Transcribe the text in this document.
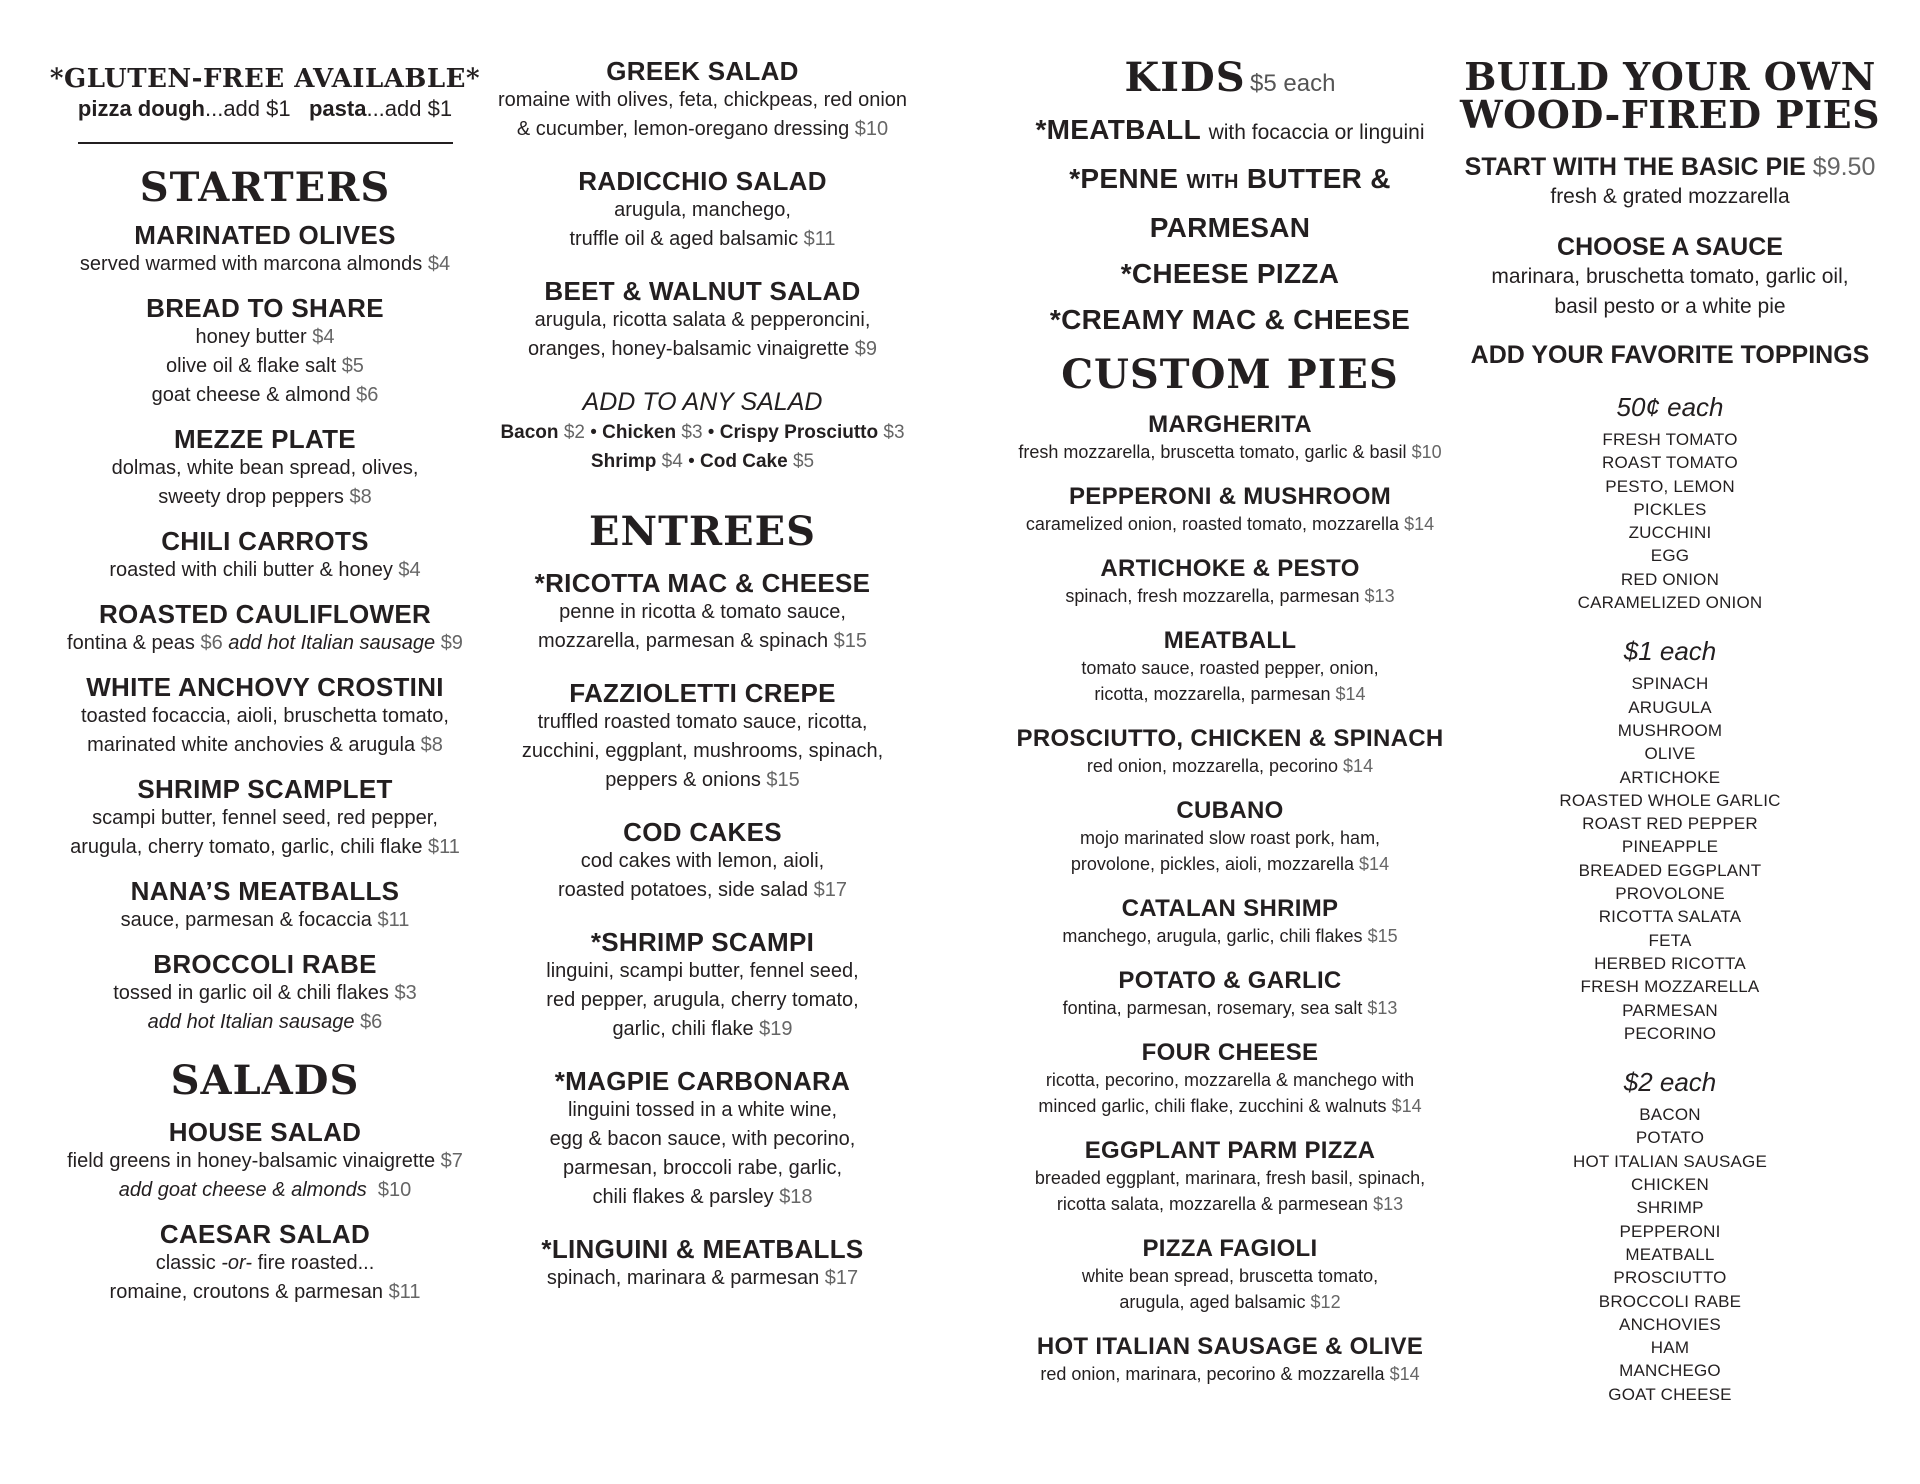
*GLUTEN-FREE AVAILABLE*
pizza dough...add $1 pasta...add $1
STARTERS
MARINATED OLIVES
served warmed with marcona almonds $4
BREAD TO SHARE
honey butter $4
olive oil & flake salt $5
goat cheese & almond $6
MEZZE PLATE
dolmas, white bean spread, olives,
sweety drop peppers $8
CHILI CARROTS
roasted with chili butter & honey $4
ROASTED CAULIFLOWER
fontina & peas $6 add hot Italian sausage $9
WHITE ANCHOVY CROSTINI
toasted focaccia, aioli, bruschetta tomato,
marinated white anchovies & arugula $8
SHRIMP SCAMPLET
scampi butter, fennel seed, red pepper,
arugula, cherry tomato, garlic, chili flake $11
NANA’S MEATBALLS
sauce, parmesan & focaccia $11
BROCCOLI RABE
tossed in garlic oil & chili flakes $3
add hot Italian sausage $6
SALADS
HOUSE SALAD
field greens in honey-balsamic vinaigrette $7
add goat cheese & almonds $10
CAESAR SALAD
classic -or- fire roasted...
romaine, croutons & parmesan $11
GREEK SALAD
romaine with olives, feta, chickpeas, red onion
& cucumber, lemon-oregano dressing $10
RADICCHIO SALAD
arugula, manchego,
truffle oil & aged balsamic $11
BEET & WALNUT SALAD
arugula, ricotta salata & pepperoncini,
oranges, honey-balsamic vinaigrette $9
ADD TO ANY SALAD
Bacon $2 • Chicken $3 • Crispy Prosciutto $3
Shrimp $4 • Cod Cake $5
ENTREES
*RICOTTA MAC & CHEESE
penne in ricotta & tomato sauce,
mozzarella, parmesan & spinach $15
FAZZIOLETTI CREPE
truffled roasted tomato sauce, ricotta,
zucchini, eggplant, mushrooms, spinach,
peppers & onions $15
COD CAKES
cod cakes with lemon, aioli,
roasted potatoes, side salad $17
*SHRIMP SCAMPI
linguini, scampi butter, fennel seed,
red pepper, arugula, cherry tomato,
garlic, chili flake $19
*MAGPIE CARBONARA
linguini tossed in a white wine,
egg & bacon sauce, with pecorino,
parmesan, broccoli rabe, garlic,
chili flakes & parsley $18
*LINGUINI & MEATBALLS
spinach, marinara & parmesan $17
KIDS $5 each
*MEATBALL with focaccia or linguini
*PENNE WITH BUTTER & PARMESAN
*CHEESE PIZZA
*CREAMY MAC & CHEESE
CUSTOM PIES
MARGHERITA
fresh mozzarella, bruscetta tomato, garlic & basil $10
PEPPERONI & MUSHROOM
caramelized onion, roasted tomato, mozzarella $14
ARTICHOKE & PESTO
spinach, fresh mozzarella, parmesan $13
MEATBALL
tomato sauce, roasted pepper, onion,
ricotta, mozzarella, parmesan $14
PROSCIUTTO, CHICKEN & SPINACH
red onion, mozzarella, pecorino $14
CUBANO
mojo marinated slow roast pork, ham,
provolone, pickles, aioli, mozzarella $14
CATALAN SHRIMP
manchego, arugula, garlic, chili flakes $15
POTATO & GARLIC
fontina, parmesan, rosemary, sea salt $13
FOUR CHEESE
ricotta, pecorino, mozzarella & manchego with
minced garlic, chili flake, zucchini & walnuts $14
EGGPLANT PARM PIZZA
breaded eggplant, marinara, fresh basil, spinach,
ricotta salata, mozzarella & parmesean $13
PIZZA FAGIOLI
white bean spread, bruscetta tomato,
arugula, aged balsamic $12
HOT ITALIAN SAUSAGE & OLIVE
red onion, marinara, pecorino & mozzarella $14
BUILD YOUR OWN
WOOD-FIRED PIES
START WITH THE BASIC PIE $9.50
fresh & grated mozzarella
CHOOSE A SAUCE
marinara, bruschetta tomato, garlic oil,
basil pesto or a white pie
ADD YOUR FAVORITE TOPPINGS
50¢ each
FRESH TOMATO
ROAST TOMATO
PESTO, LEMON
PICKLES
ZUCCHINI
EGG
RED ONION
CARAMELIZED ONION
$1 each
SPINACH
ARUGULA
MUSHROOM
OLIVE
ARTICHOKE
ROASTED WHOLE GARLIC
ROAST RED PEPPER
PINEAPPLE
BREADED EGGPLANT
PROVOLONE
RICOTTA SALATA
FETA
HERBED RICOTTA
FRESH MOZZARELLA
PARMESAN
PECORINO
$2 each
BACON
POTATO
HOT ITALIAN SAUSAGE
CHICKEN
SHRIMP
PEPPERONI
MEATBALL
PROSCIUTTO
BROCCOLI RABE
ANCHOVIES
HAM
MANCHEGO
GOAT CHEESE
